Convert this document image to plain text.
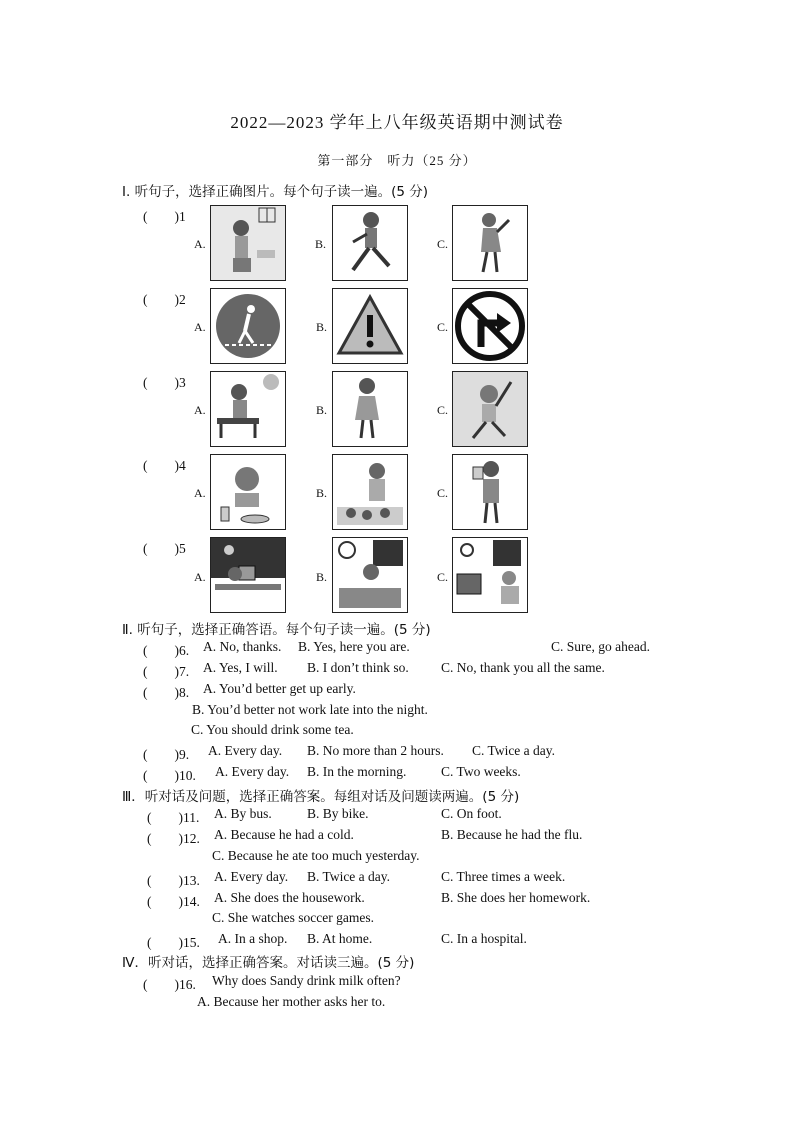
2022—2023 学年上八年级英语期中测试卷
第一部分　听力（25 分）
Ⅰ. 听句子，选择正确图片。每个句子读一遍。(5 分)
(　　)1
A.	B.	C.
(　　)2
A.	B.	C.
(　　)3
A.	B.	C.
(　　)4
A.	B.	C.
(　　)5
A.	B.	C.
Ⅱ. 听句子，选择正确答语。每个句子读一遍。(5 分)
(　　)6. A. No, thanks. B. Yes, here you are.	C. Sure, go ahead.
(　　)7. A. Yes, I will. B. I don’t think so. C. No, thank you all the same.
(　　)8. A. You’d better get up early.
B. You’d better not work late into the night.
C. You should drink some tea.
(　　)9. A. Every day. B. No more than 2 hours. C. Twice a day.
(　　)10. A. Every day. B. In the morning.	C. Two weeks.
Ⅲ．听对话及问题，选择正确答案。每组对话及问题读两遍。(5 分)
(　　)11. A. By bus.	B. By bike.	C. On foot.
(　　)12. A. Because he had a cold.	B. Because he had the flu.
C. Because he ate too much yesterday.
(　　)13. A. Every day. B. Twice a day.	C. Three times a week.
(　　)14. A. She does the housework.	B. She does her homework.
C. She watches soccer games.
(　　)15. A. In a shop. B. At home.	C. In a hospital.
Ⅳ．听对话，选择正确答案。对话读三遍。(5 分)
(　　)16. Why does Sandy drink milk often?
A. Because her mother asks her to.
